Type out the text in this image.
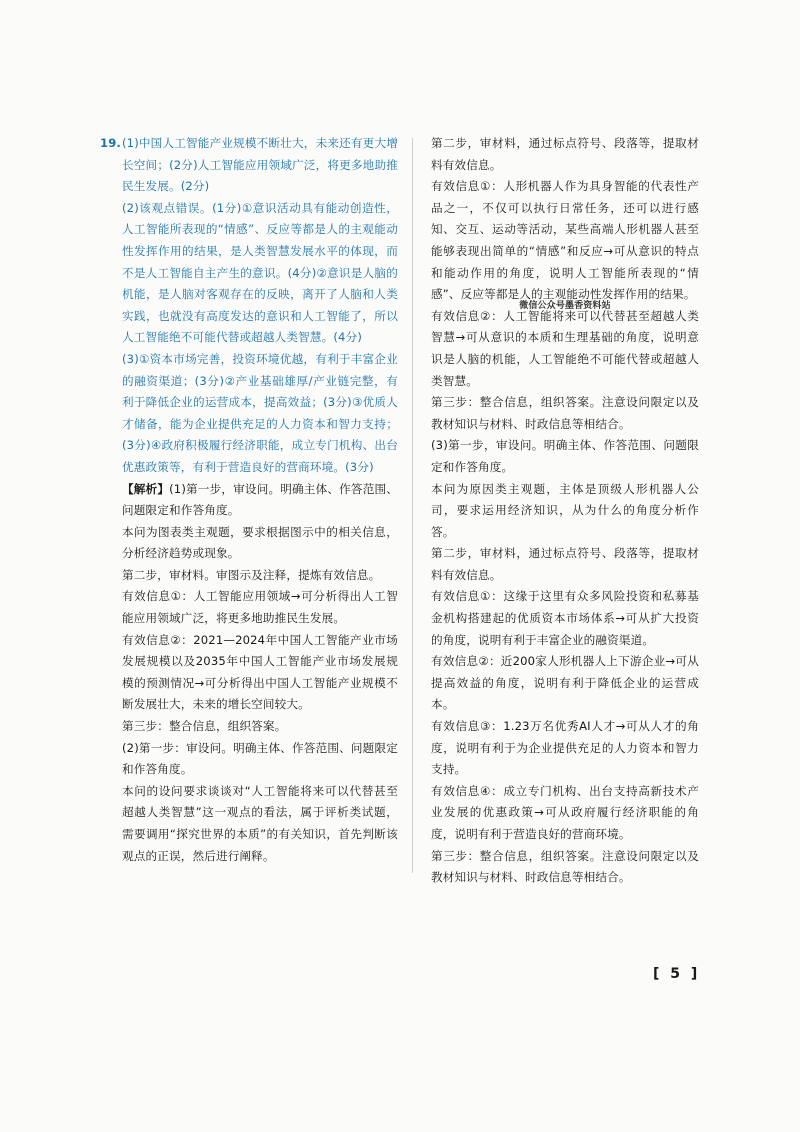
19. (1)中国人工智能产业规模不断壮大，未来还有更大增长空间；(2分)人工智能应用领域广泛，将更多地助推民生发展。(2分)

(2)该观点错误。(1分)①意识活动具有能动创造性，人工智能所表现的“情感”、反应等都是人的主观能动性发挥作用的结果，是人类智慧发展水平的体现，而不是人工智能自主产生的意识。(4分)②意识是人脑的机能，是人脑对客观存在的反映，离开了人脑和人类实践，也就没有高度发达的意识和人工智能了，所以人工智能绝不可能代替或超越人类智慧。(4分)

(3)①资本市场完善，投资环境优越，有利于丰富企业的融资渠道；(3分)②产业基础雄厚/产业链完整，有利于降低企业的运营成本，提高效益；(3分)③优质人才储备，能为企业提供充足的人力资本和智力支持；(3分)④政府积极履行经济职能，成立专门机构、出台优惠政策等，有利于营造良好的营商环境。(3分)

【解析】(1)第一步，审设问。明确主体、作答范围、问题限定和作答角度。

本问为图表类主观题，要求根据图示中的相关信息，分析经济趋势或现象。

第二步，审材料。审图示及注释，提炼有效信息。

有效信息①：人工智能应用领域→可分析得出人工智能应用领域广泛，将更多地助推民生发展。

有效信息②：2021—2024年中国人工智能产业市场发展规模以及2035年中国人工智能产业市场发展规模的预测情况→可分析得出中国人工智能产业规模不断发展壮大，未来的增长空间较大。

第三步：整合信息，组织答案。

(2)第一步：审设问。明确主体、作答范围、问题限定和作答角度。

本问的设问要求谈谈对“人工智能将来可以代替甚至超越人类智慧”这一观点的看法，属于评析类试题，需要调用“探究世界的本质”的有关知识，首先判断该观点的正误，然后进行阐释。

第二步，审材料，通过标点符号、段落等，提取材料有效信息。

有效信息①：人形机器人作为具身智能的代表性产品之一，不仅可以执行日常任务，还可以进行感知、交互、运动等活动，某些高端人形机器人甚至能够表现出简单的“情感”和反应→可从意识的特点和能动作用的角度，说明人工智能所表现的“情感”、反应等都是人的主观能动性发挥作用的结果。

微信公众号墨香资料站

有效信息②：人工智能将来可以代替甚至超越人类智慧→可从意识的本质和生理基础的角度，说明意识是人脑的机能，人工智能绝不可能代替或超越人类智慧。

第三步：整合信息，组织答案。注意设问限定以及教材知识与材料、时政信息等相结合。

(3)第一步，审设问。明确主体、作答范围、问题限定和作答角度。

本问为原因类主观题，主体是顶级人形机器人公司，要求运用经济知识，从为什么的角度分析作答。

第二步，审材料，通过标点符号、段落等，提取材料有效信息。

有效信息①：这缘于这里有众多风险投资和私募基金机构搭建起的优质资本市场体系→可从扩大投资的角度，说明有利于丰富企业的融资渠道。

有效信息②：近200家人形机器人上下游企业→可从提高效益的角度，说明有利于降低企业的运营成本。

有效信息③：1.23万名优秀AI人才→可从人才的角度，说明有利于为企业提供充足的人力资本和智力支持。

有效信息④：成立专门机构、出台支持高新技术产业发展的优惠政策→可从政府履行经济职能的角度，说明有利于营造良好的营商环境。

第三步：整合信息，组织答案。注意设问限定以及教材知识与材料、时政信息等相结合。

[ 5 ]
